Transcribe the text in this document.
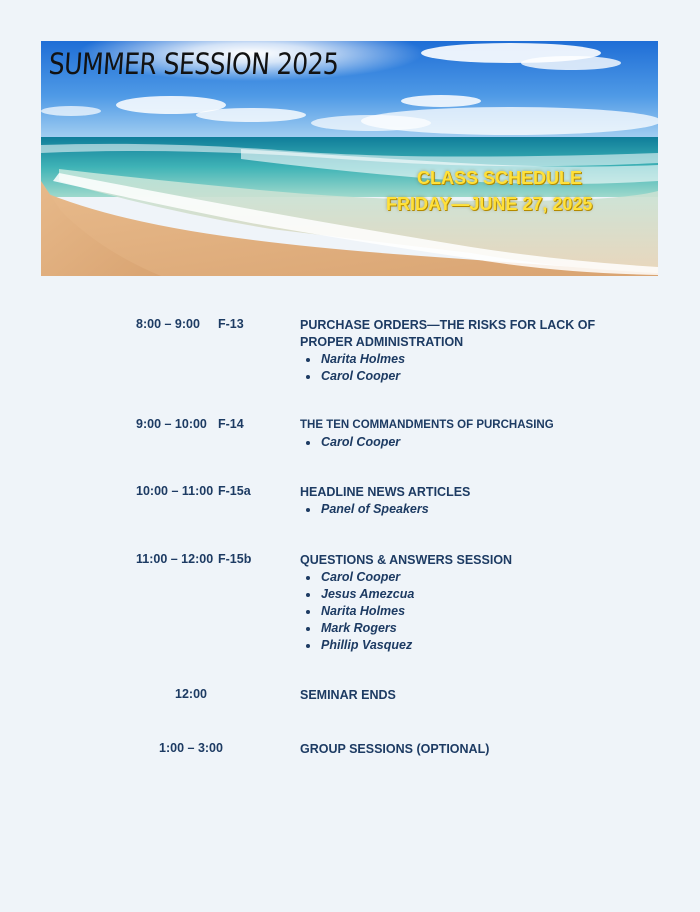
SUMMER SESSION 2025
CLASS SCHEDULE
FRIDAY—JUNE 27, 2025
8:00 – 9:00 F-13	PURCHASE ORDERS—THE RISKS FOR LACK OF PROPER ADMINISTRATION
Narita Holmes
Carol Cooper
9:00 – 10:00 F-14	THE TEN COMMANDMENTS OF PURCHASING
Carol Cooper
10:00 – 11:00 F-15a	HEADLINE NEWS ARTICLES
Panel of Speakers
11:00 – 12:00 F-15b	QUESTIONS & ANSWERS SESSION
Carol Cooper
Jesus Amezcua
Narita Holmes
Mark Rogers
Phillip Vasquez
12:00	SEMINAR ENDS
1:00 – 3:00	GROUP SESSIONS (OPTIONAL)
